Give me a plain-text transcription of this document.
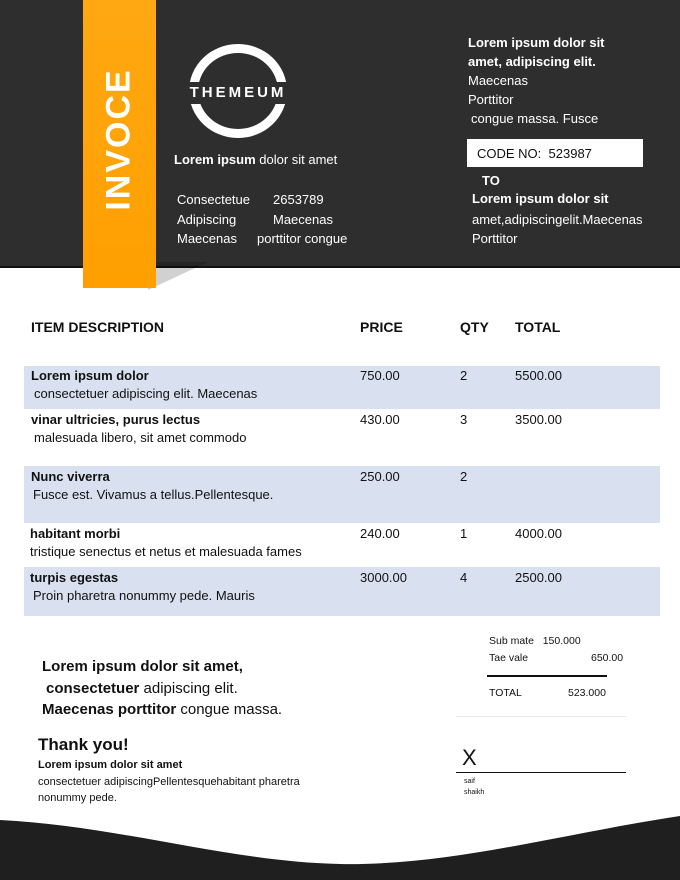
INVOCE	THEMEUM
Lorem ipsum dolor sit amet
Consectetue 2653789
Adipiscing	Maecenas
Maecenas porttitor congue
Lorem ipsum dolor sit
amet, adipiscing elit.
Maecenas
Porttitor
congue massa. Fusce
CODE NO: 523987
TO
Lorem ipsum dolor sit
amet,adipiscingelit.Maecenas Porttitor
ITEM DESCRIPTION	PRICE	QTY TOTAL
Lorem ipsum dolor
consectetuer adipiscing elit. Maecenas
750.00	2	5500.00
vinar ultricies, purus lectus
malesuada libero, sit amet commodo
430.00	3	3500.00
Nunc viverra
Fusce est. Vivamus a tellus.Pellentesque.
250.00	2
habitant morbi
tristique senectus et netus et malesuada fames
240.00	1	4000.00
turpis egestas
Proin pharetra nonummy pede. Mauris
3000.00	4	2500.00
Lorem ipsum dolor sit amet,
consectetuer adipiscing elit.
Maecenas porttitor congue massa.
Sub mate 150.000
Tae vale	650.00
TOTAL	523.000
Thank you!
Lorem ipsum dolor sit amet
consectetuer adipiscingPellentesquehabitant pharetra nonummy pede.
X
saif
shaikh
